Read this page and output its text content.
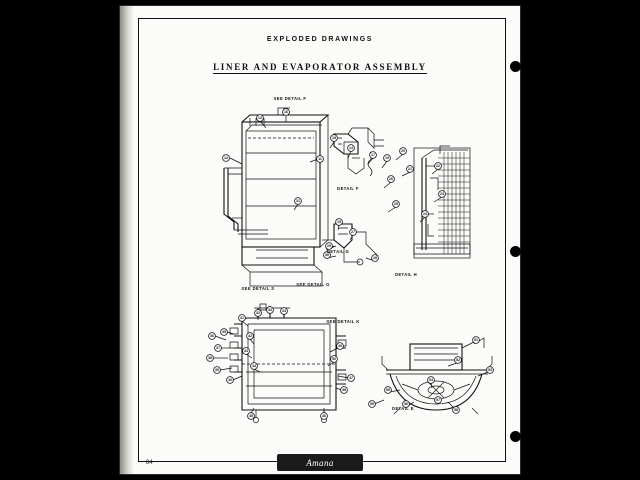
EXPLODED DRAWINGS
LINER AND EVAPORATOR ASSEMBLY
16
12
13
11
18
14
17
19
20
21
26
25
22
23
24
15
27
28
29
30
31
32
33	34
35
36
37
38
39
40
41
42
43
44
45	46
47
48
49
50
51
52
53
54
55
56
57
58
59
SEE DETAIL F
DETAIL F
DETAIL H
DETAIL G
SEE DETAIL G
SEE DETAIL S
SEE DETAIL K
DETAIL E
84	Amana
